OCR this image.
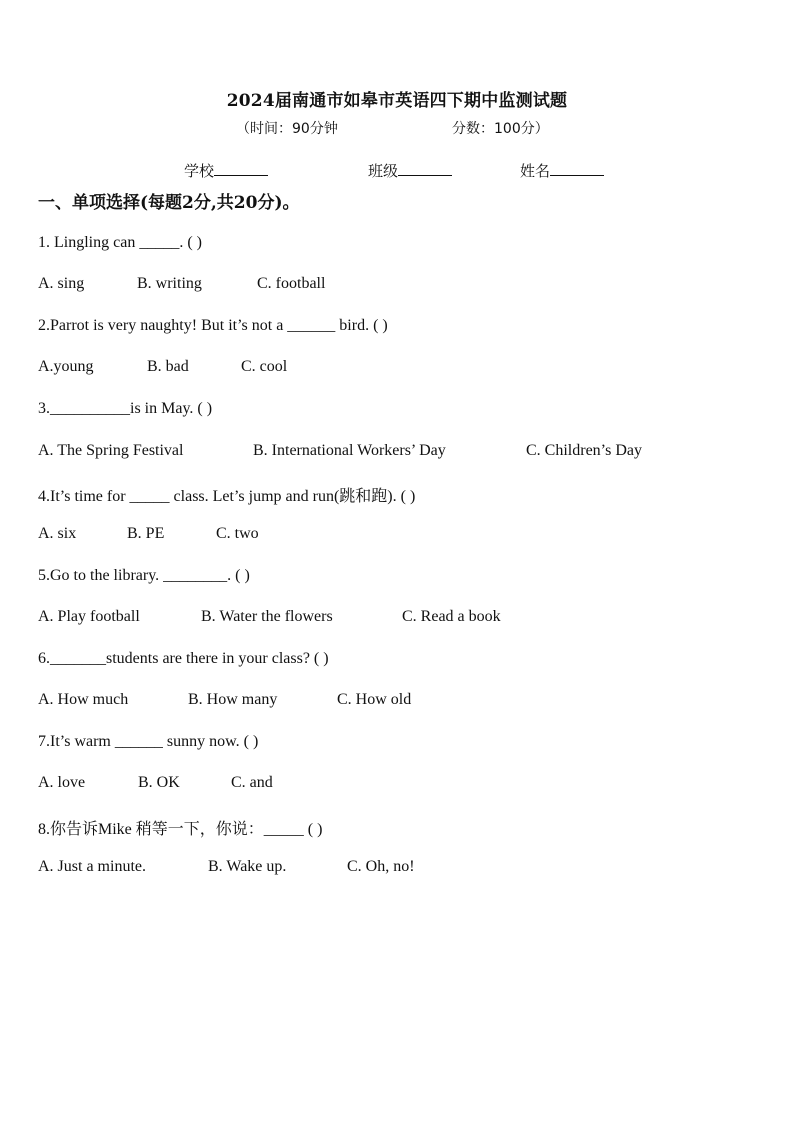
2024届南通市如皋市英语四下期中监测试题
（时间：90分钟	分数：100分）
学校	班级	姓名
一、单项选择(每题2分,共20分)。
1. Lingling can _____. ( )
A. sing	B. writing	C. football
2.Parrot is very naughty! But it’s not a ______ bird. ( )
A.young	B. bad	C. cool
3.__________is in May. ( )
A. The Spring Festival	B. International Workers’ Day	C. Children’s Day
4.It’s time for _____ class. Let’s jump and run(跳和跑). ( )
A. six	B. PE	C. two
5.Go to the library. ________. ( )
A. Play football	B. Water the flowers	C. Read a book
6._______students are there in your class? ( )
A. How much	B. How many	C. How old
7.It’s warm ______ sunny now. ( )
A. love	B. OK	C. and
8.你告诉Mike 稍等一下，你说：_____ ( )
A. Just a minute.	B. Wake up.	C. Oh, no!
